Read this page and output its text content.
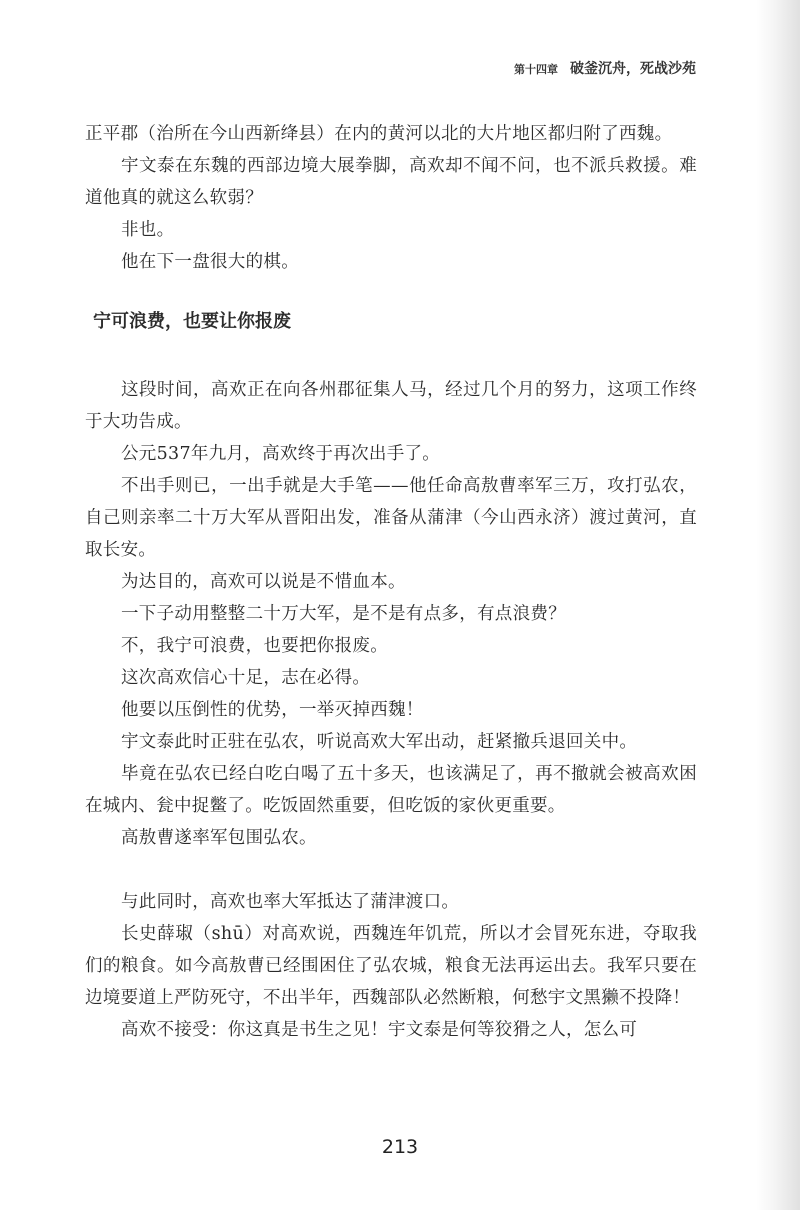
第十四章 破釜沉舟，死战沙苑

正平郡（治所在今山西新绛县）在内的黄河以北的大片地区都归附了西魏。

宇文泰在东魏的西部边境大展拳脚，高欢却不闻不问，也不派兵救援。难道他真的就这么软弱？

非也。

他在下一盘很大的棋。

宁可浪费，也要让你报废

这段时间，高欢正在向各州郡征集人马，经过几个月的努力，这项工作终于大功告成。

公元537年九月，高欢终于再次出手了。

不出手则已，一出手就是大手笔——他任命高敖曹率军三万，攻打弘农，自己则亲率二十万大军从晋阳出发，准备从蒲津（今山西永济）渡过黄河，直取长安。

为达目的，高欢可以说是不惜血本。

一下子动用整整二十万大军，是不是有点多，有点浪费？

不，我宁可浪费，也要把你报废。

这次高欢信心十足，志在必得。

他要以压倒性的优势，一举灭掉西魏！

宇文泰此时正驻在弘农，听说高欢大军出动，赶紧撤兵退回关中。

毕竟在弘农已经白吃白喝了五十多天，也该满足了，再不撤就会被高欢困在城内、瓮中捉鳖了。吃饭固然重要，但吃饭的家伙更重要。

高敖曹遂率军包围弘农。

与此同时，高欢也率大军抵达了蒲津渡口。

长史薛琡（shū）对高欢说，西魏连年饥荒，所以才会冒死东进，夺取我们的粮食。如今高敖曹已经围困住了弘农城，粮食无法再运出去。我军只要在边境要道上严防死守，不出半年，西魏部队必然断粮，何愁宇文黑獭不投降！

高欢不接受：你这真是书生之见！宇文泰是何等狡猾之人，怎么可

213
